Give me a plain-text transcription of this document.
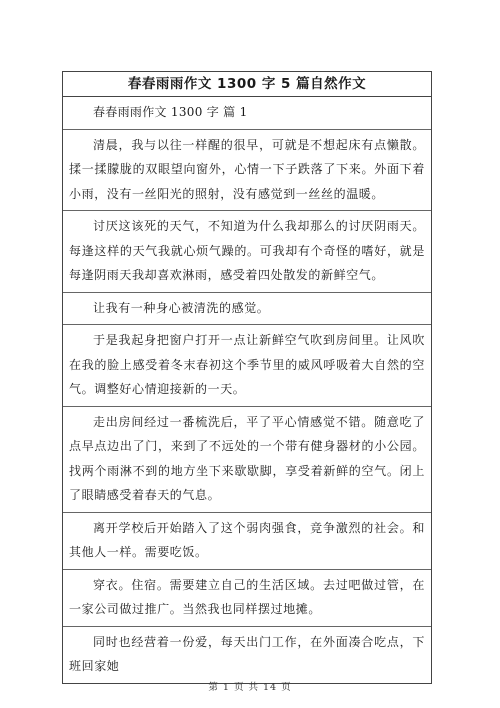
春春雨雨作文 1300 字 5 篇自然作文
春春雨雨作文 1300 字 篇 1
清晨，我与以往一样醒的很早，可就是不想起床有点懒散。揉一揉朦胧的双眼望向窗外，心情一下子跌落了下来。外面下着小雨，没有一丝阳光的照射，没有感觉到一丝丝的温暖。
讨厌这该死的天气，不知道为什么我却那么的讨厌阴雨天。每逢这样的天气我就心烦气躁的。可我却有个奇怪的嗜好，就是每逢阴雨天我却喜欢淋雨，感受着四处散发的新鲜空气。
让我有一种身心被清洗的感觉。
于是我起身把窗户打开一点让新鲜空气吹到房间里。让风吹在我的脸上感受着冬末春初这个季节里的威风呼吸着大自然的空气。调整好心情迎接新的一天。
走出房间经过一番梳洗后，平了平心情感觉不错。随意吃了点早点边出了门，来到了不远处的一个带有健身器材的小公园。找两个雨淋不到的地方坐下来歇歇脚，享受着新鲜的空气。闭上了眼睛感受着春天的气息。
离开学校后开始踏入了这个弱肉强食，竞争激烈的社会。和其他人一样。需要吃饭。
穿衣。住宿。需要建立自己的生活区域。去过吧做过管，在一家公司做过推广。当然我也同样摆过地摊。
同时也经营着一份爱，每天出门工作，在外面凑合吃点，下班回家她
第 1 页 共 14 页
